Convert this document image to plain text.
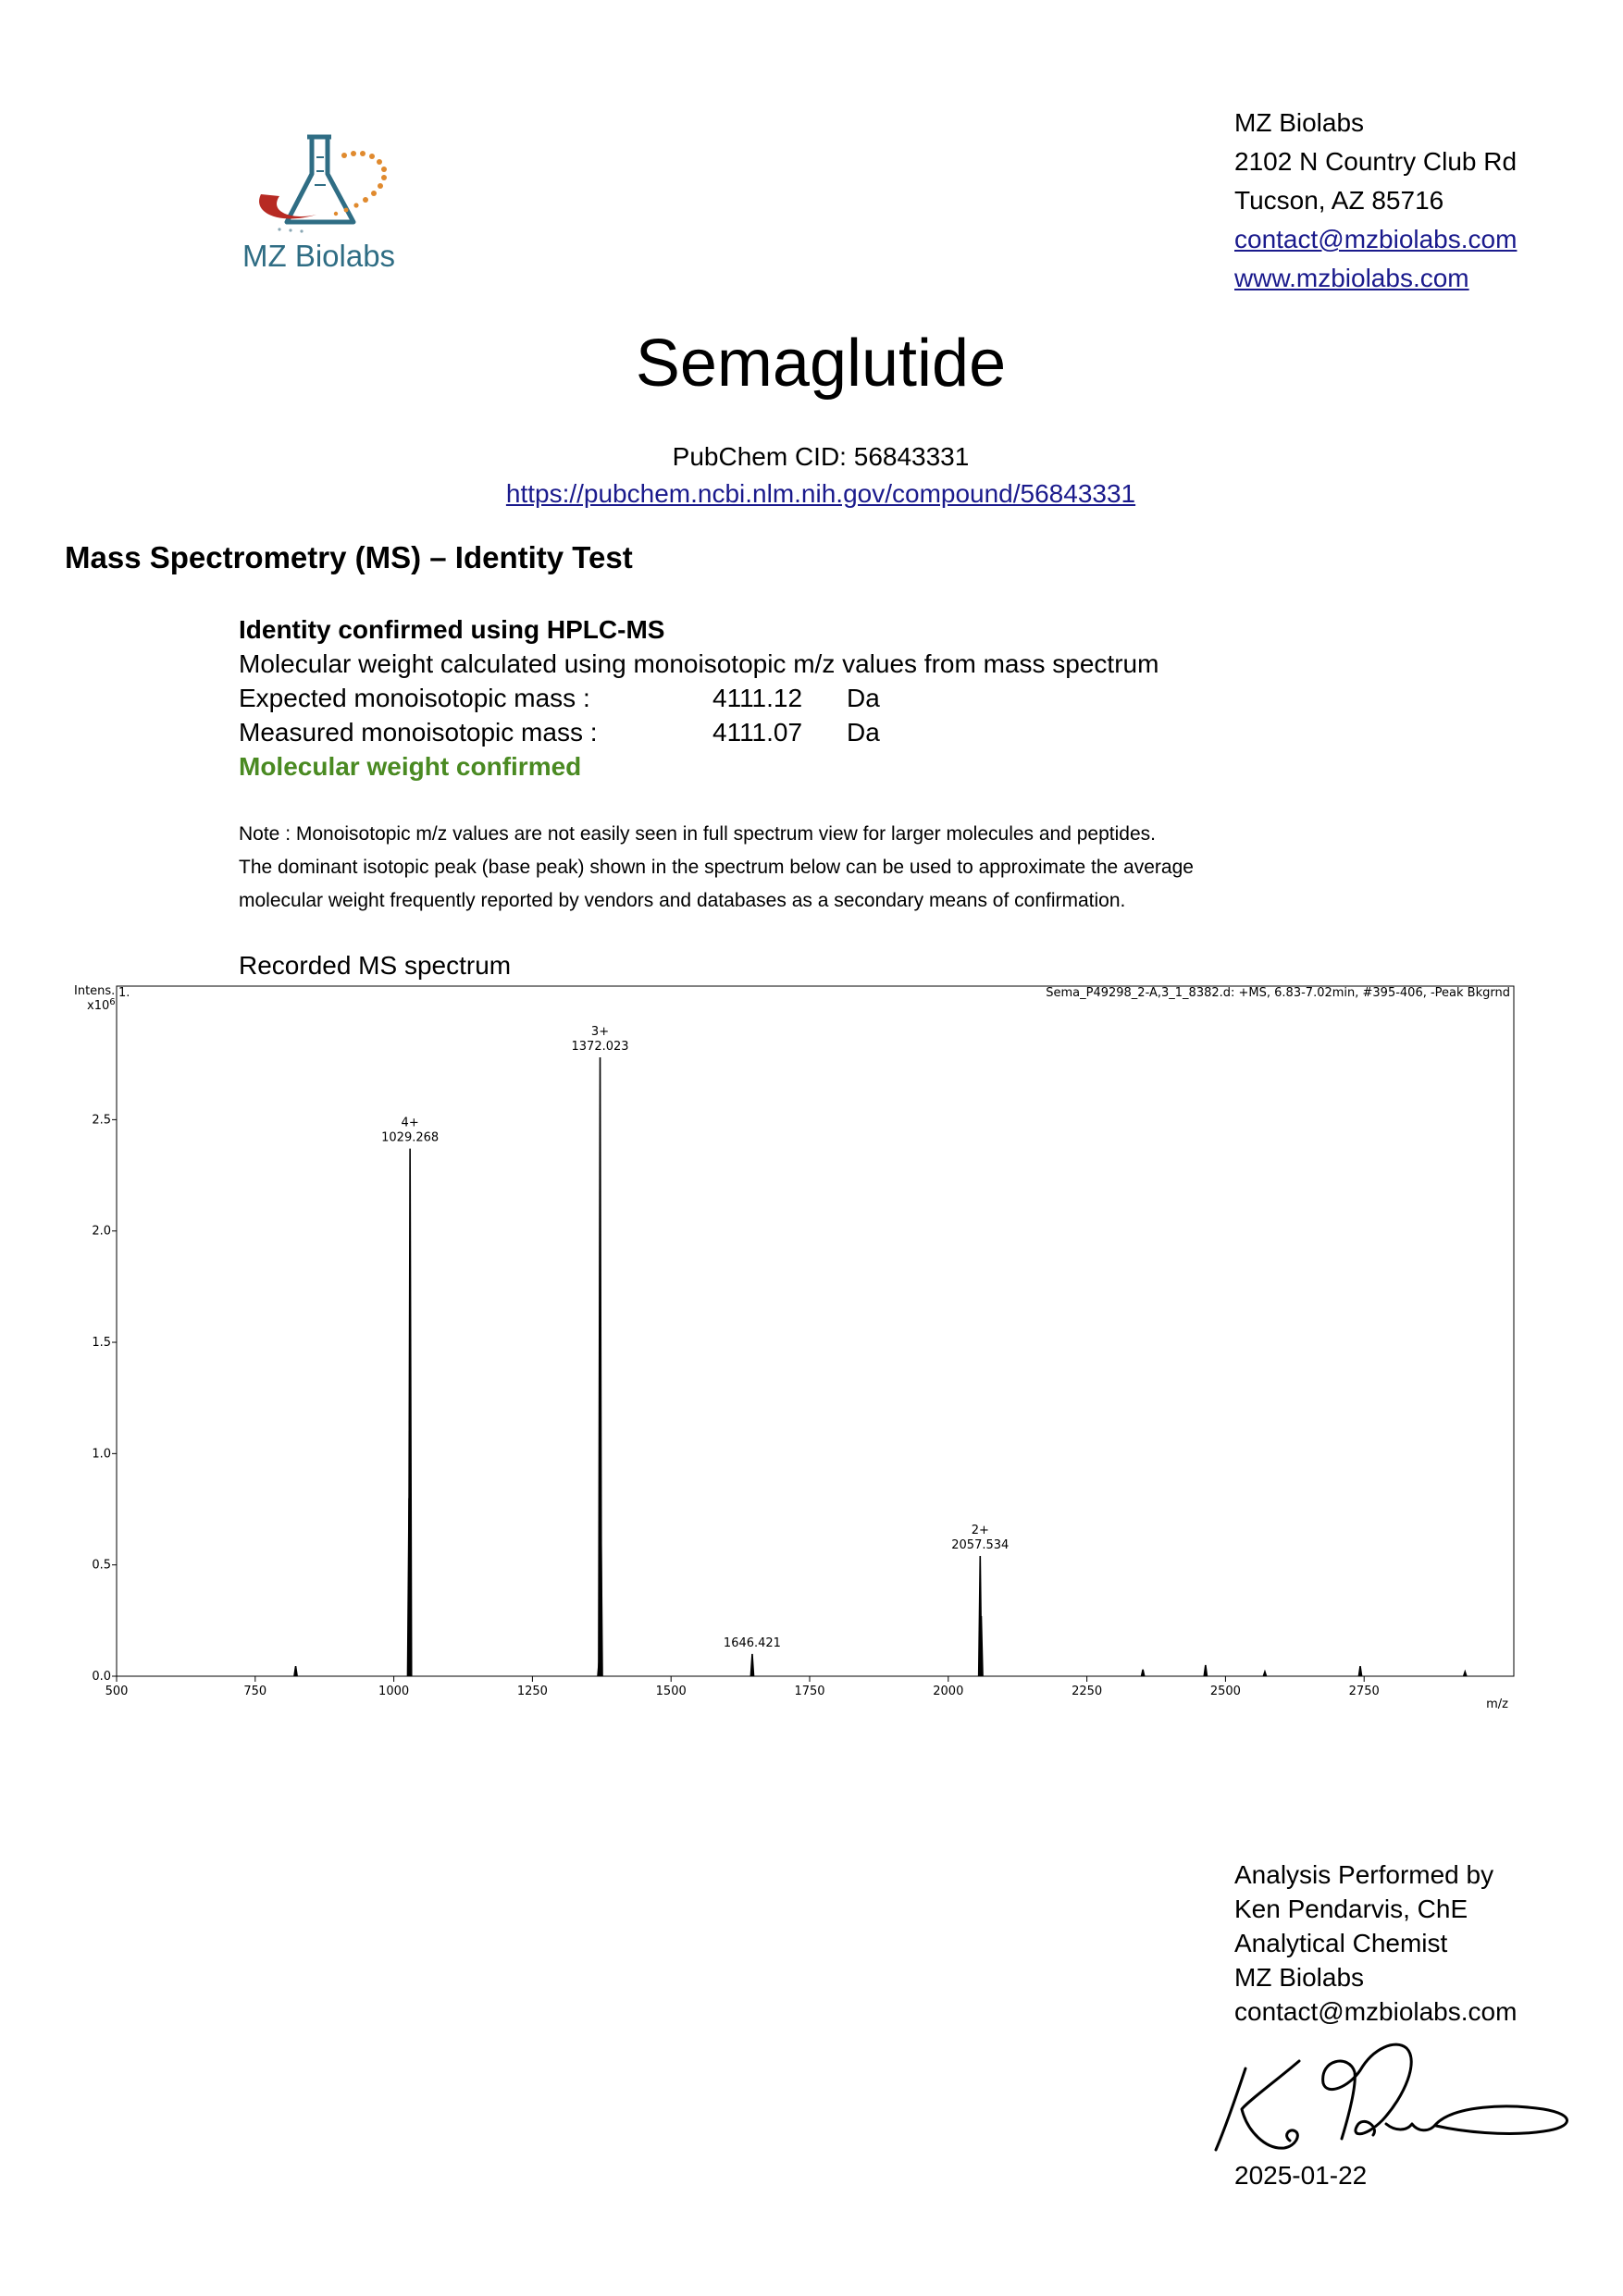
MZ Biolabs
MZ Biolabs
2102 N Country Club Rd
Tucson, AZ 85716
contact@mzbiolabs.com
www.mzbiolabs.com
Semaglutide
PubChem CID: 56843331
https://pubchem.ncbi.nlm.nih.gov/compound/56843331
Mass Spectrometry (MS) – Identity Test
Identity confirmed using HPLC-MS
Molecular weight calculated using monoisotopic m/z values from mass spectrum
Expected monoisotopic mass :	4111.12 Da
Measured monoisotopic mass :	4111.07 Da
Molecular weight confirmed
Note : Monoisotopic m/z values are not easily seen in full spectrum view for larger molecules and peptides.
The dominant isotopic peak (base peak) shown in the spectrum below can be used to approximate the average
molecular weight frequently reported by vendors and databases as a secondary means of confirmation.
Recorded MS spectrum
500	750	1000	1250	1500	1750	2000	2250	2500	2750
0.0
0.5
1.0
1.5
2.0
2.5
1029.268
4+
1372.023
3+
1646.421
2057.534
2+
Intens.
$x10^6$
1.	Sema_P49298_2-A,3_1_8382.d: +MS, 6.83-7.02min, #395-406, -Peak Bkgrnd
m/z
Analysis Performed by
Ken Pendarvis, ChE
Analytical Chemist
MZ Biolabs
contact@mzbiolabs.com
2025-01-22
